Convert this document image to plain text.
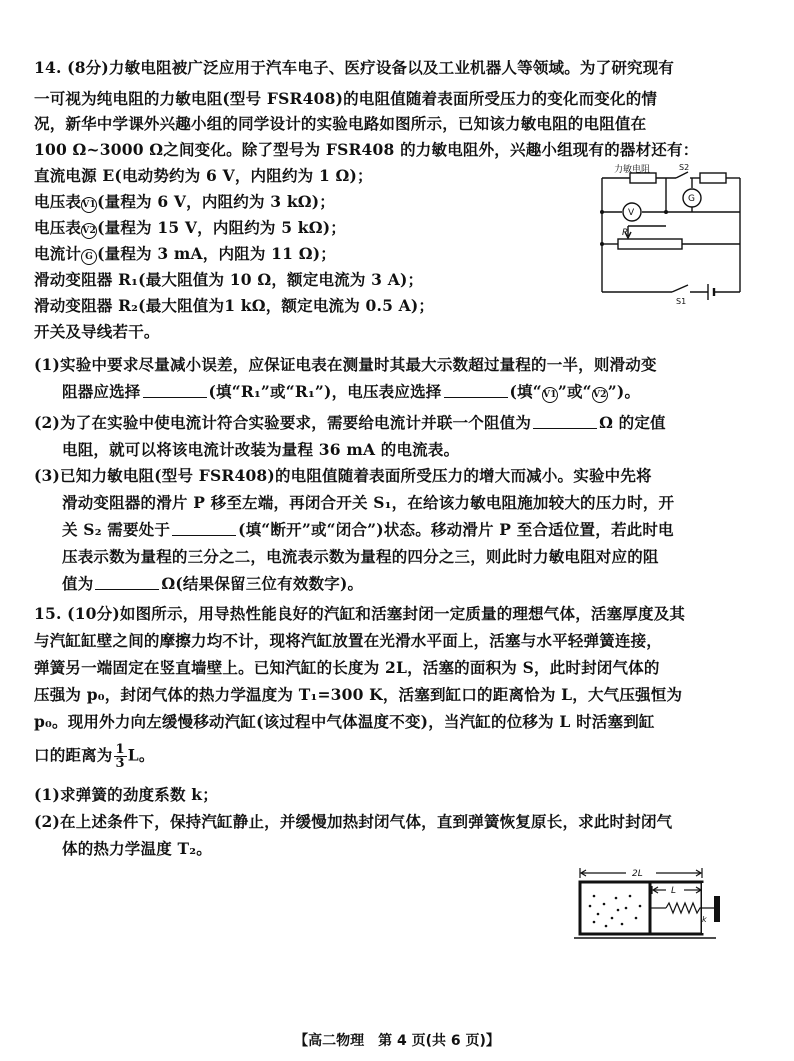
14. (8分)力敏电阻被广泛应用于汽车电子、医疗设备以及工业机器人等领域。为了研究现有
一可视为纯电阻的力敏电阻(型号 FSR408)的电阻值随着表面所受压力的变化而变化的情
况，新华中学课外兴趣小组的同学设计的实验电路如图所示，已知该力敏电阻的电阻值在
100 Ω~3000 Ω之间变化。除了型号为 FSR408 的力敏电阻外，兴趣小组现有的器材还有：
直流电源 E(电动势约为 6 V，内阻约为 1 Ω)；
电压表V1(量程为 6 V，内阻约为 3 kΩ)；
电压表V2(量程为 15 V，内阻约为 5 kΩ)；
电流计 G (量程为 3 mA，内阻为 11 Ω)；
滑动变阻器 R₁(最大阻值为 10 Ω，额定电流为 3 A)；
滑动变阻器 R₂(最大阻值为1 kΩ，额定电流为 0.5 A)；
开关及导线若干。
(1)实验中要求尽量减小误差，应保证电表在测量时其最大示数超过量程的一半，则滑动变
阻器应选择	(填“R₁”或“R₁”)，电压表应选择	(填“V1”或“V2”)。
(2)为了在实验中使电流计符合实验要求，需要给电流计并联一个阻值为	Ω 的定值
电阻，就可以将该电流计改装为量程 36 mA 的电流表。
(3)已知力敏电阻(型号 FSR408)的电阻值随着表面所受压力的增大而减小。实验中先将
滑动变阻器的滑片 P 移至左端，再闭合开关 S₁，在给该力敏电阻施加较大的压力时，开
关 S₂ 需要处于	(填“断开”或“闭合”)状态。移动滑片 P 至合适位置，若此时电
压表示数为量程的三分之二，电流表示数为量程的四分之三，则此时力敏电阻对应的阻
值为	Ω(结果保留三位有效数字)。
力敏电阻	S2
G
V
P
S1
15. (10分)如图所示，用导热性能良好的汽缸和活塞封闭一定质量的理想气体，活塞厚度及其
与汽缸缸壁之间的摩擦力均不计，现将汽缸放置在光滑水平面上，活塞与水平轻弹簧连接，
弹簧另一端固定在竖直墙壁上。已知汽缸的长度为 2L，活塞的面积为 S，此时封闭气体的
压强为 p₀，封闭气体的热力学温度为 T₁=300 K，活塞到缸口的距离恰为 L，大气压强恒为
p₀。现用外力向左缓慢移动汽缸(该过程中气体温度不变)，当汽缸的位移为 L 时活塞到缸
口的距离为 $\frac{1}{3}$ L。
(1)求弹簧的劲度系数 k；
(2)在上述条件下，保持汽缸静止，并缓慢加热封闭气体，直到弹簧恢复原长，求此时封闭气
体的热力学温度 T₂。
2L
L
k
【高二物理　第 4 页(共 6 页)】
